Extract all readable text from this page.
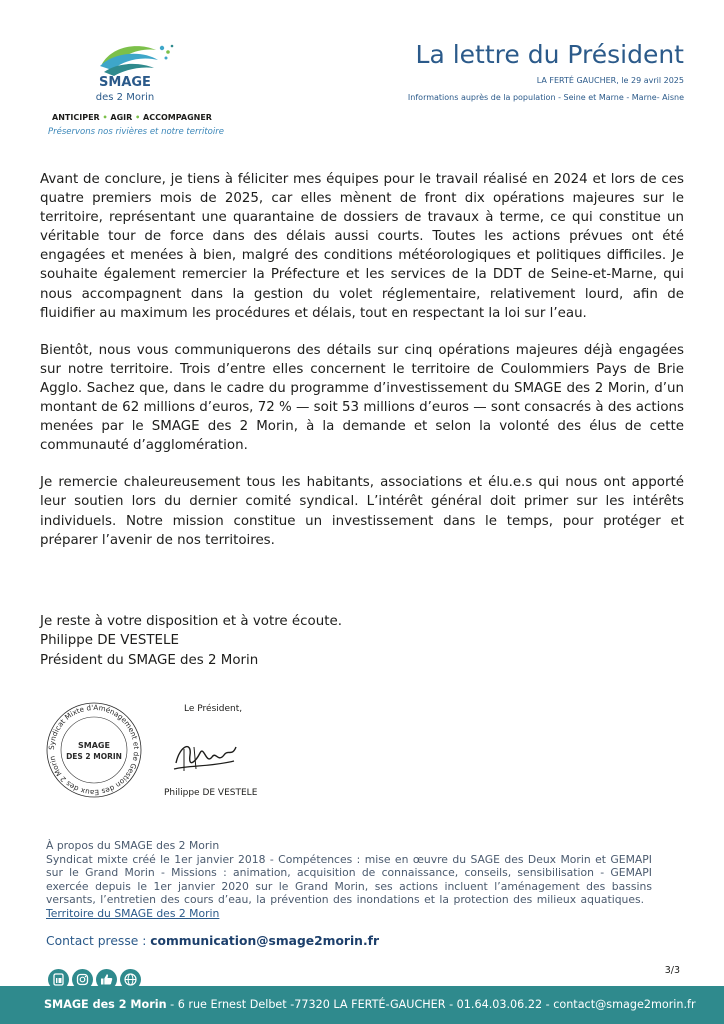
SMAGE
des 2 Morin
ANTICIPER • AGIR • ACCOMPAGNER
Préservons nos rivières et notre territoire
La lettre du Président
LA FERTÉ GAUCHER, le 29 avril 2025
Informations auprès de la population - Seine et Marne - Marne- Aisne

Avant de conclure, je tiens à féliciter mes équipes pour le travail réalisé en 2024 et lors de ces quatre premiers mois de 2025, car elles mènent de front dix opérations majeures sur le territoire, représentant une quarantaine de dossiers de travaux à terme, ce qui constitue un véritable tour de force dans des délais aussi courts. Toutes les actions prévues ont été engagées et menées à bien, malgré des conditions météorologiques et politiques difficiles. Je souhaite également remercier la Préfecture et les services de la DDT de Seine-et-Marne, qui nous accompagnent dans la gestion du volet réglementaire, relativement lourd, afin de fluidifier au maximum les procédures et délais, tout en respectant la loi sur l’eau.

Bientôt, nous vous communiquerons des détails sur cinq opérations majeures déjà engagées sur notre territoire. Trois d’entre elles concernent le territoire de Coulommiers Pays de Brie Agglo. Sachez que, dans le cadre du programme d’investissement du SMAGE des 2 Morin, d’un montant de 62 millions d’euros, 72 % — soit 53 millions d’euros — sont consacrés à des actions menées par le SMAGE des 2 Morin, à la demande et selon la volonté des élus de cette communauté d’agglomération.

Je remercie chaleureusement tous les habitants, associations et élu.e.s qui nous ont apporté leur soutien lors du dernier comité syndical. L’intérêt général doit primer sur les intérêts individuels. Notre mission constitue un investissement dans le temps, pour protéger et préparer l’avenir de nos territoires.

Je reste à votre disposition et à votre écoute.
Philippe DE VESTELE
Président du SMAGE des 2 Morin
Syndicat Mixte d'Aménagement et de Gestion des Eaux des 2 Morin
SMAGE
DES 2 MORIN
Le Président,
Philippe DE VESTELE
À propos du SMAGE des 2 Morin
Syndicat mixte créé le 1er janvier 2018 - Compétences : mise en œuvre du SAGE des Deux Morin et GEMAPI sur le Grand Morin - Missions : animation, acquisition de connaissance, conseils, sensibilisation - GEMAPI exercée depuis le 1er janvier 2020 sur le Grand Morin, ses actions incluent l’aménagement des bassins versants, l’entretien des cours d’eau, la prévention des inondations et la protection des milieux aquatiques.   Territoire du SMAGE des 2 Morin
Contact presse : communication@smage2morin.fr
3/3
SMAGE des 2 Morin - 6 rue Ernest Delbet -77320 LA FERTÉ-GAUCHER - 01.64.03.06.22 - contact@smage2morin.fr
